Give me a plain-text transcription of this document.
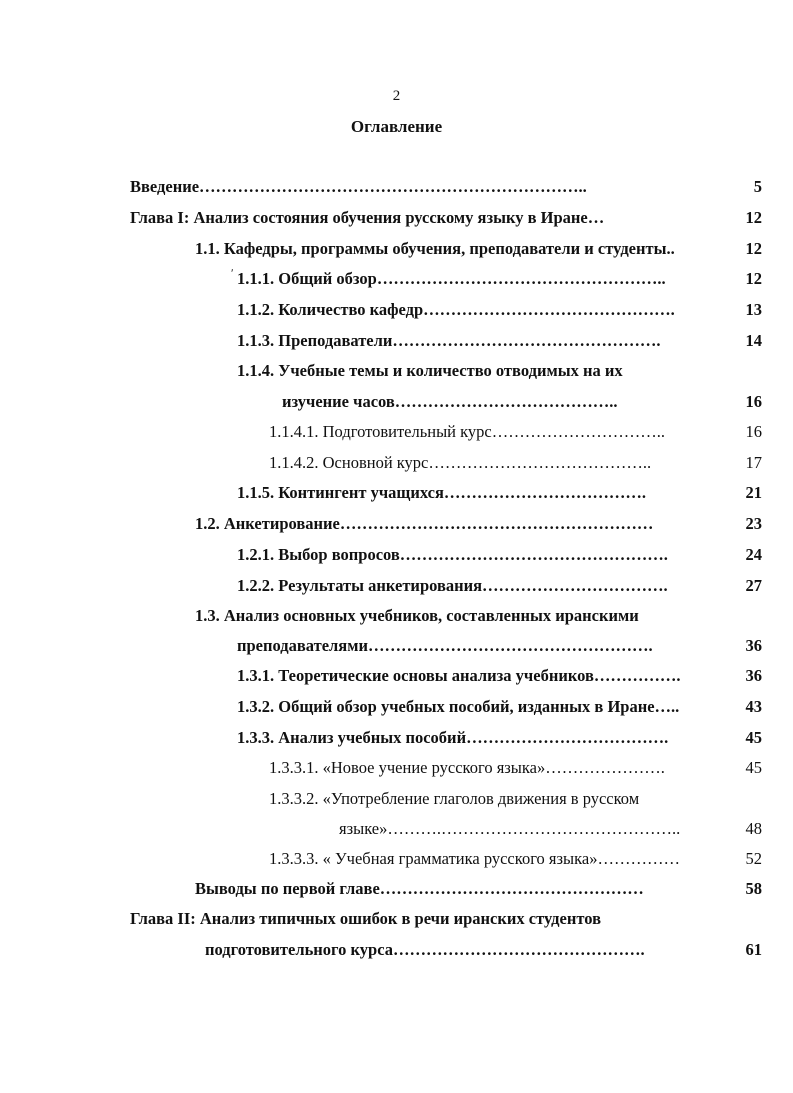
2
Оглавление
Введение……………………………………………………………..	5
Глава I: Анализ состояния обучения русскому языку в Иране…	12
1.1. Кафедры, программы обучения, преподаватели и студенты..	12
ʹ 1.1.1. Общий обзор……………………………………………..	12
1.1.2. Количество кафедр……………………………………….	13
1.1.3. Преподаватели………………………………………….	14
1.1.4. Учебные темы и количество отводимых на их
изучение часов…………………………………..	16
1.1.4.1. Подготовительный курс…………………………..	16
1.1.4.2. Основной курс…………………………………..	17
1.1.5. Контингент учащихся……………………………….	21
1.2. Анкетирование…………………………………………………	23
1.2.1. Выбор вопросов………………………………………….	24
1.2.2. Результаты анкетирования…………………………….	27
1.3. Анализ основных учебников, составленных иранскими
преподавателями…………………………………………….	36
1.3.1. Теоретические основы анализа учебников…………….	36
1.3.2. Общий обзор учебных пособий, изданных в Иране…..	43
1.3.3. Анализ учебных пособий……………………………….	45
1.3.3.1. «Новое учение русского языка»………………….	45
1.3.3.2. «Употребление глаголов движения в русском
языке»……….……………………………………..	48
1.3.3.3. « Учебная грамматика русского языка»……………	52
Выводы по первой главе…………………………………………	58
Глава II: Анализ типичных ошибок в речи иранских студентов
подготовительного курса……………………………………….	61
